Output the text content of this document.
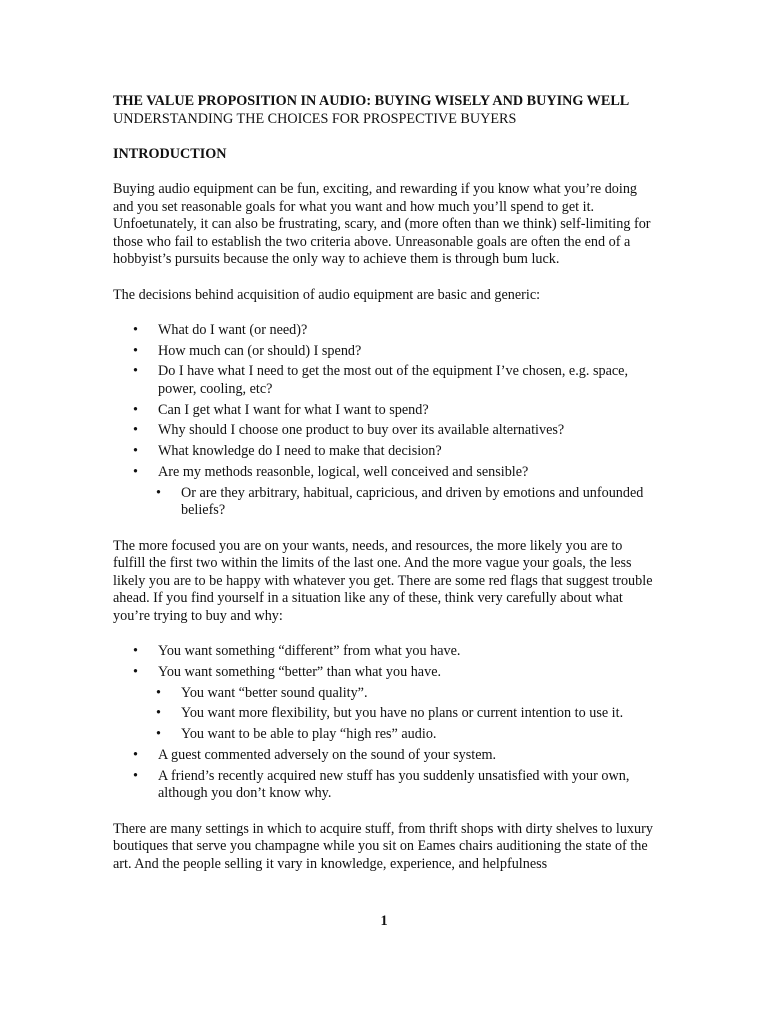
THE VALUE PROPOSITION IN AUDIO: BUYING WISELY AND BUYING WELL
UNDERSTANDING THE CHOICES FOR PROSPECTIVE BUYERS
INTRODUCTION

Buying audio equipment can be fun, exciting, and rewarding if you know what you’re doing and you set reasonable goals for what you want and how much you’ll spend to get it. Unfoetunately, it can also be frustrating, scary, and (more often than we think) self-limiting for those who fail to establish the two criteria above. Unreasonable goals are often the end of a hobbyist’s pursuits because the only way to achieve them is through bum luck.

The decisions behind acquisition of audio equipment are basic and generic:

• What do I want (or need)?
• How much can (or should) I spend?
• Do I have what I need to get the most out of the equipment I’ve chosen, e.g. space, power, cooling, etc?
• Can I get what I want for what I want to spend?
• Why should I choose one product to buy over its available alternatives?
• What knowledge do I need to make that decision?
• Are my methods reasonble, logical, well conceived and sensible?
• Or are they arbitrary, habitual, capricious, and driven by emotions and unfounded beliefs?

The more focused you are on your wants, needs, and resources, the more likely you are to fulfill the first two within the limits of the last one. And the more vague your goals, the less likely you are to be happy with whatever you get. There are some red flags that suggest trouble ahead. If you find yourself in a situation like any of these, think very carefully about what you’re trying to buy and why:

• You want something “different” from what you have.
• You want something “better” than what you have.
• You want “better sound quality”.
• You want more flexibility, but you have no plans or current intention to use it.
• You want to be able to play “high res” audio.
• A guest commented adversely on the sound of your system.
• A friend’s recently acquired new stuff has you suddenly unsatisfied with your own, although you don’t know why.

There are many settings in which to acquire stuff, from thrift shops with dirty shelves to luxury boutiques that serve you champagne while you sit on Eames chairs auditioning the state of the art. And the people selling it vary in knowledge, experience, and helpfulness

1
